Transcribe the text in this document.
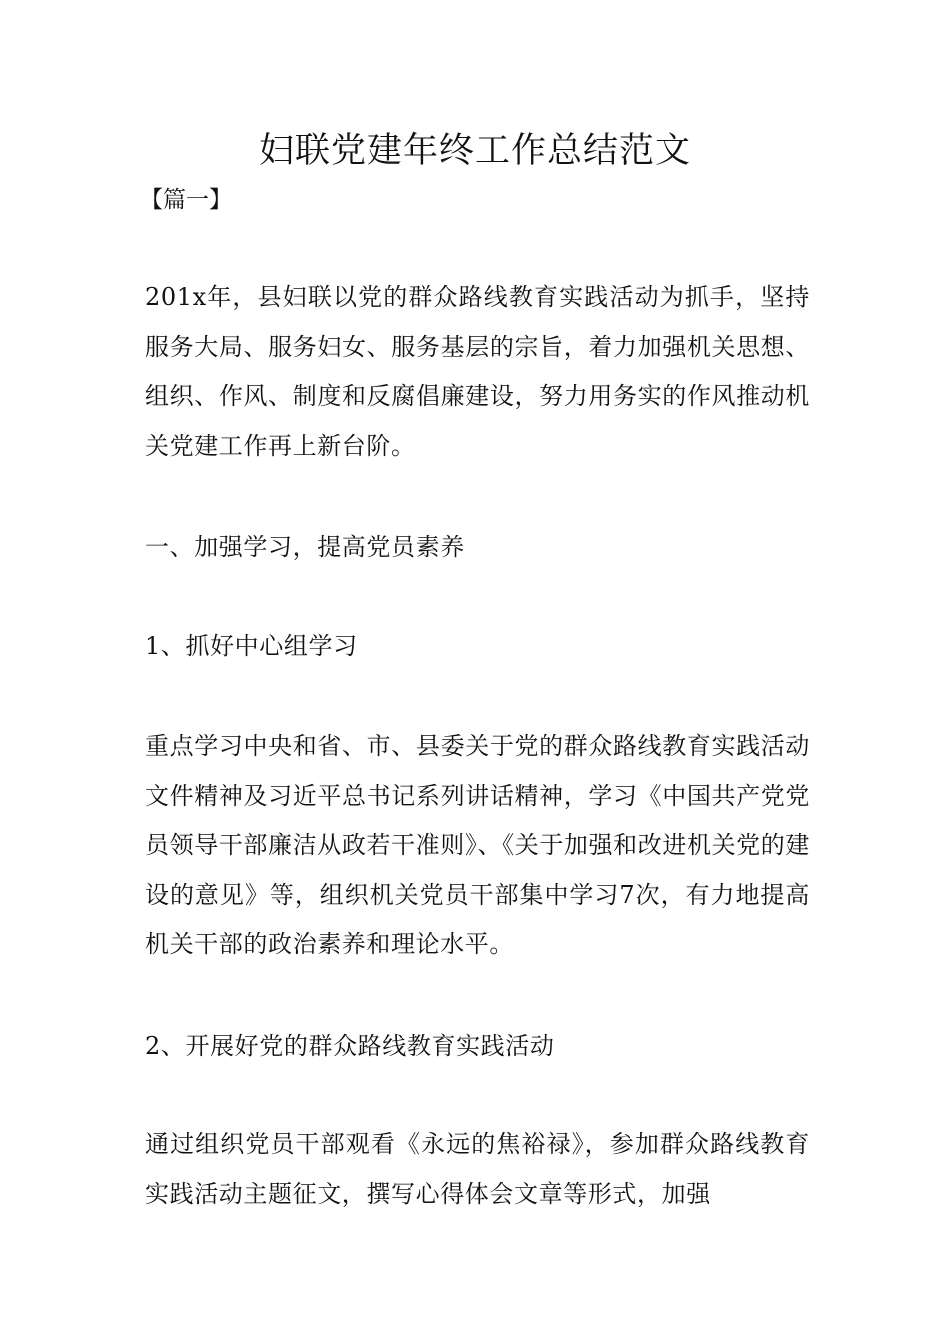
妇联党建年终工作总结范文

【篇一】

201x年，县妇联以党的群众路线教育实践活动为抓手，坚持服务大局、服务妇女、服务基层的宗旨，着力加强机关思想、组织、作风、制度和反腐倡廉建设，努力用务实的作风推动机关党建工作再上新台阶。

一、加强学习，提高党员素养

1、抓好中心组学习

重点学习中央和省、市、县委关于党的群众路线教育实践活动文件精神及习近平总书记系列讲话精神，学习《中国共产党党员领导干部廉洁从政若干准则》、《关于加强和改进机关党的建设的意见》等，组织机关党员干部集中学习7次，有力地提高机关干部的政治素养和理论水平。

2、开展好党的群众路线教育实践活动

通过组织党员干部观看《永远的焦裕禄》，参加群众路线教育实践活动主题征文，撰写心得体会文章等形式，加强
